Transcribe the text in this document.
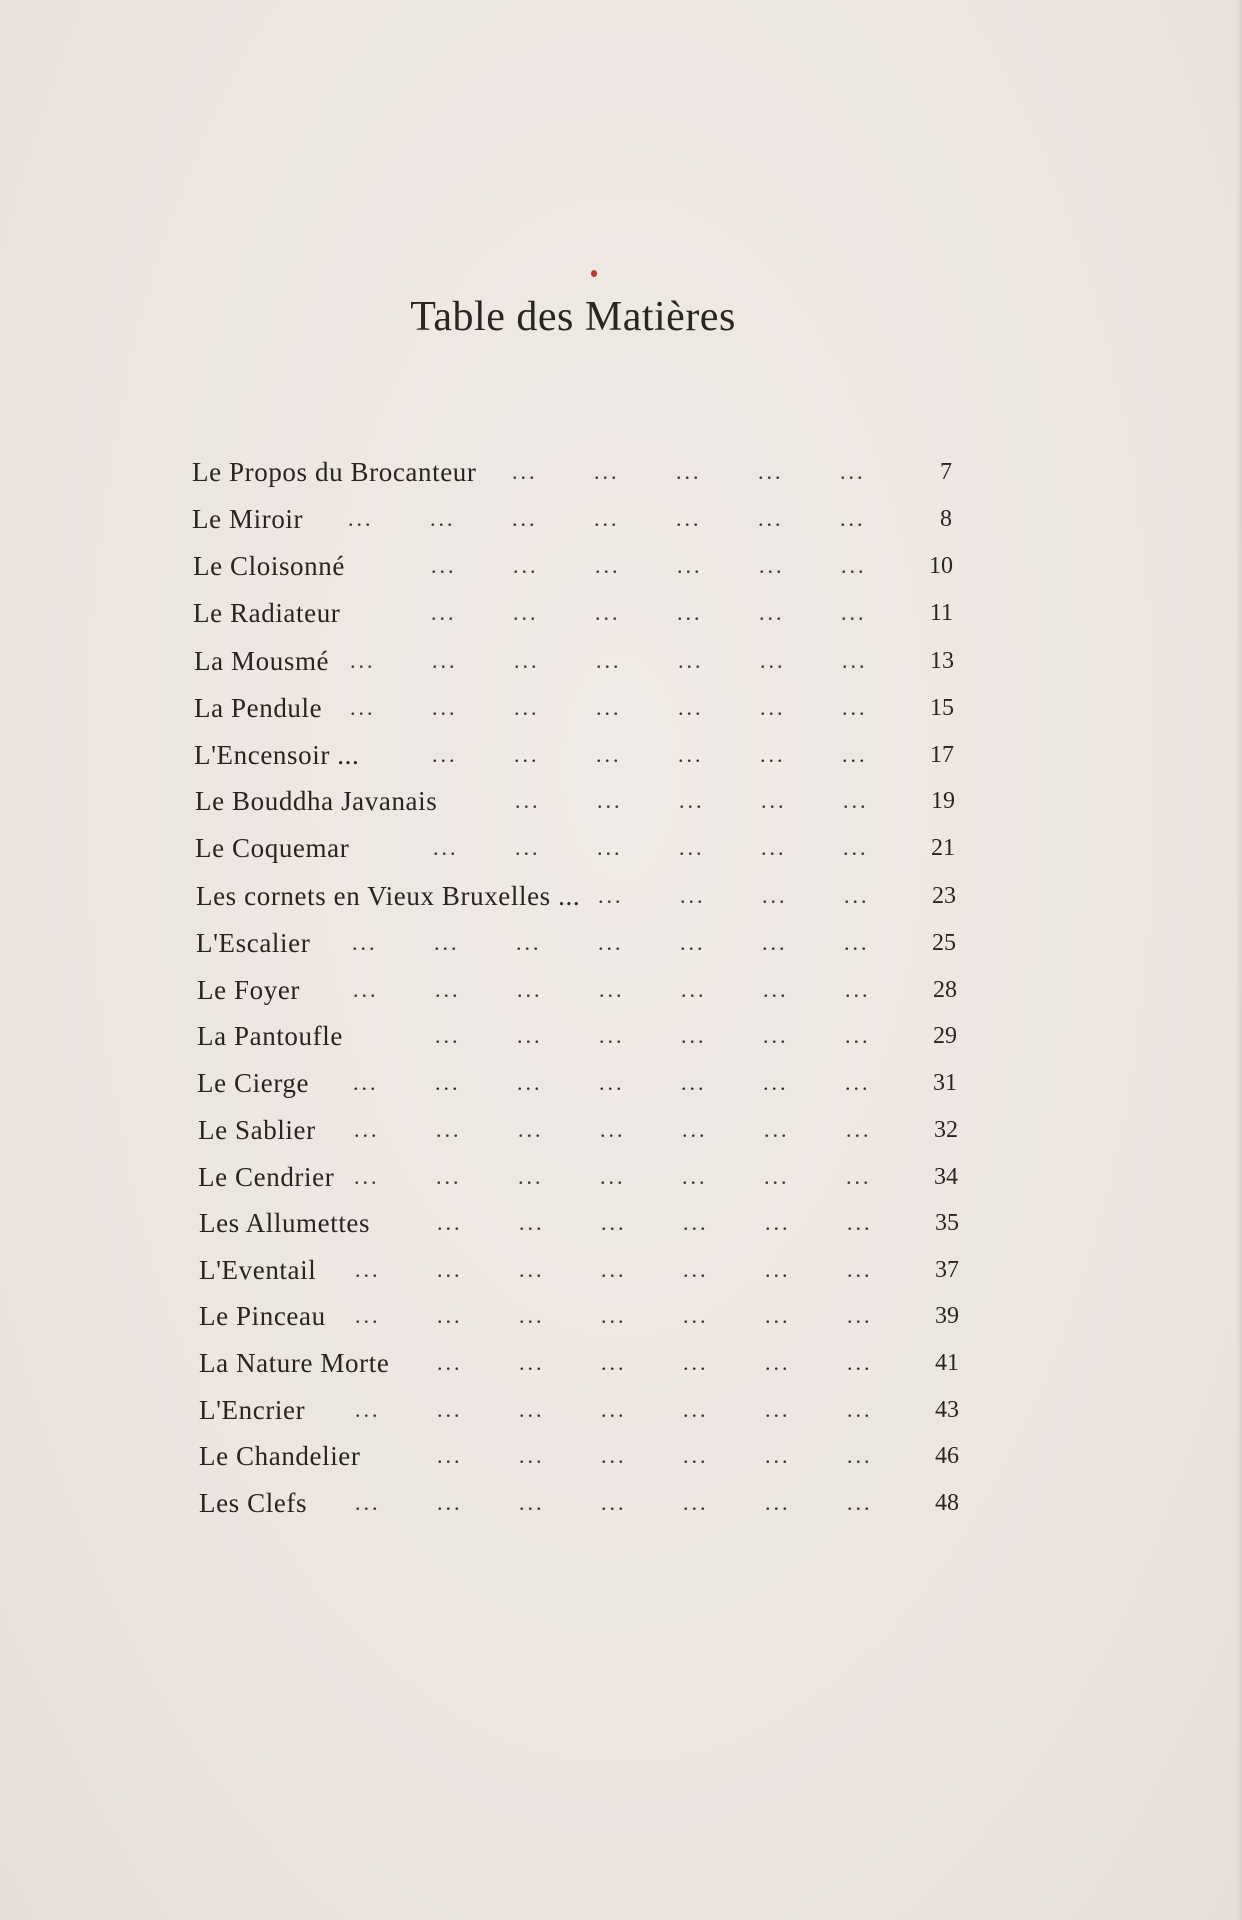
Table des Matières
Le Propos du Brocanteur ...	...	...	...	...	7
Le Miroir ...	...	...	...	...	...	...	8
Le Cloisonné	...	...	...	...	...	...	10
Le Radiateur	...	...	...	...	...	...	11
La Mousmé ...	...	...	...	...	...	...	13
La Pendule ...	...	...	...	...	...	...	15
L'Encensoir ...	...	...	...	...	...	...	17
Le Bouddha Javanais	...	...	...	...	...	19
Le Coquemar	...	...	...	...	...	...	21
Les cornets en Vieux Bruxelles ... ...	...	...	...	23
L'Escalier ...	...	...	...	...	...	...	25
Le Foyer ...	...	...	...	...	...	...	28
La Pantoufle	...	...	...	...	...	...	29
Le Cierge ...	...	...	...	...	...	...	31
Le Sablier ...	...	...	...	...	...	...	32
Le Cendrier ...	...	...	...	...	...	...	34
Les Allumettes	...	...	...	...	...	...	35
L'Eventail ...	...	...	...	...	...	...	37
Le Pinceau ...	...	...	...	...	...	...	39
La Nature Morte ...	...	...	...	...	...	41
L'Encrier ...	...	...	...	...	...	...	43
Le Chandelier	...	...	...	...	...	...	46
Les Clefs ...	...	...	...	...	...	...	48
